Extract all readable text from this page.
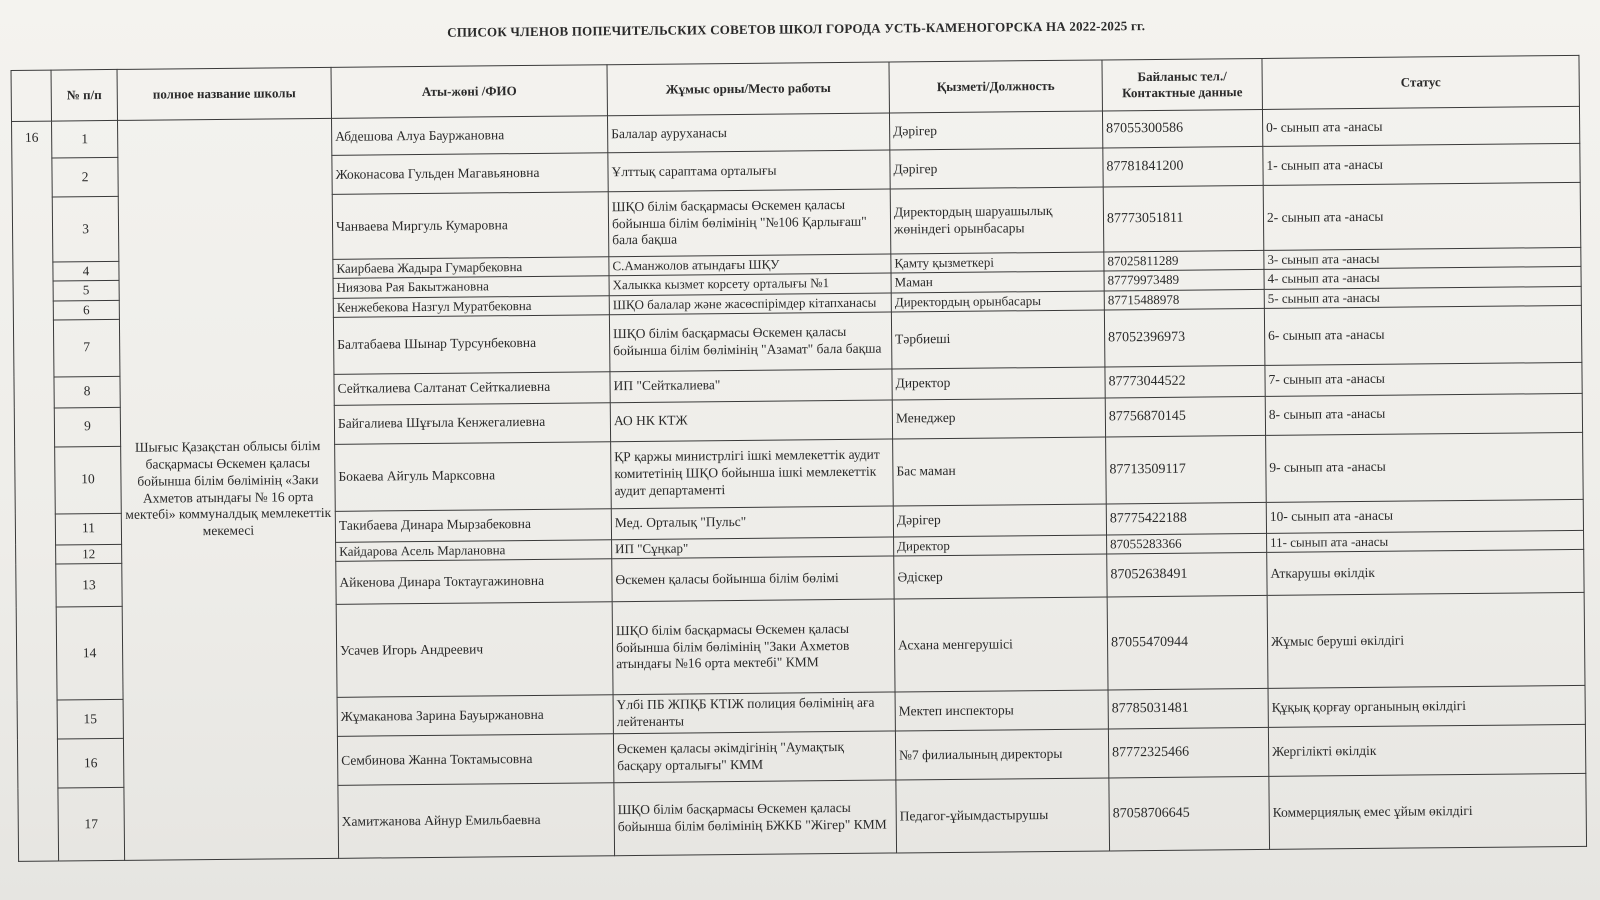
СПИСОК ЧЛЕНОВ ПОПЕЧИТЕЛЬСКИХ СОВЕТОВ ШКОЛ ГОРОДА УСТЬ-КАМЕНОГОРСКА НА 2022-2025 гг.
	№ п/п	полное название школы	Аты-жөні /ФИО	Жұмыс орны/Место работы	Қызметі/Должность	Байланыс тел./Контактные данные	Статус
16	1	Шығыс Қазақстан облысы білім басқармасы Өскемен қаласы бойынша білім бөлімінің «Заки Ахметов атындағы № 16 орта мектебі» коммуналдық мемлекеттік мекемесі	Абдешова Алуа Бауржановна	Балалар ауруханасы	Дәрігер	87055300586	0- сынып ата -анасы
	2		Жоконасова Гульден Магавьяновна	Ұлттық сараптама орталығы	Дәрігер	87781841200	1- сынып ата -анасы
	3		Чанваева Миргуль Кумаровна	ШҚО білім басқармасы Өскемен қаласы бойынша білім бөлімінің "№106 Қарлығаш" бала бақша	Директордың шаруашылық жөніндегі орынбасары	87773051811	2- сынып ата -анасы
	4		Каирбаева Жадыра Гумарбековна	С.Аманжолов атындағы ШҚУ	Қамту қызметкері	87025811289	3- сынып ата -анасы
	5		Ниязова Рая Бакытжановна	Халыкка кызмет корсету орталығы №1	Маман	87779973489	4- сынып ата -анасы
	6		Кенжебекова Назгул Муратбековна	ШҚО балалар және жасөспірімдер кітапханасы	Директордың орынбасары	87715488978	5- сынып ата -анасы
	7		Балтабаева Шынар Турсунбековна	ШҚО білім басқармасы Өскемен қаласы бойынша білім бөлімінің "Азамат" бала бақша	Тәрбиеші	87052396973	6- сынып ата -анасы
	8		Сейткалиева Салтанат Сейткалиевна	ИП "Сейткалиева"	Директор	87773044522	7- сынып ата -анасы
	9		Байгалиева Шұғыла Кенжегалиевна	АО НК КТЖ	Менеджер	87756870145	8- сынып ата -анасы
	10		Бокаева Айгуль Марксовна	ҚР қаржы министрлігі ішкі мемлекеттік аудит комитетінің ШҚО бойынша ішкі мемлекеттік аудит департаменті	Бас маман	87713509117	9- сынып ата -анасы
	11		Такибаева Динара Мырзабековна	Мед. Орталық "Пульс"	Дәрігер	87775422188	10- сынып ата -анасы
	12		Кайдарова Асель Марлановна	ИП "Сұңкар"	Директор	87055283366	11- сынып ата -анасы
	13		Айкенова Динара Токтаугажиновна	Өскемен қаласы бойынша білім бөлімі	Әдіскер	87052638491	Аткарушы өкілдік
	14		Усачев Игорь Андреевич	ШҚО білім басқармасы Өскемен қаласы бойынша білім бөлімінің "Заки Ахметов атындағы №16 орта мектебі" КММ	Асхана менгерушісі	87055470944	Жұмыс беруші өкілдігі
	15		Жұмаканова Зарина Бауыржановна	Үлбі ПБ ЖПҚБ КТІЖ полиция бөлімінің аға лейтенанты	Мектеп инспекторы	87785031481	Құқық қорғау органының өкілдігі
	16		Сембинова Жанна Токтамысовна	Өскемен қаласы әкімдігінің "Аумақтық басқару орталығы" КММ	№7 филиалының директоры	87772325466	Жергілікті өкілдік
	17		Хамитжанова Айнур Емильбаевна	ШҚО білім басқармасы Өскемен қаласы бойынша білім бөлімінің БЖКБ "Жігер" КММ	Педагог-ұйымдастырушы	87058706645	Коммерциялық емес ұйым өкілдігі
